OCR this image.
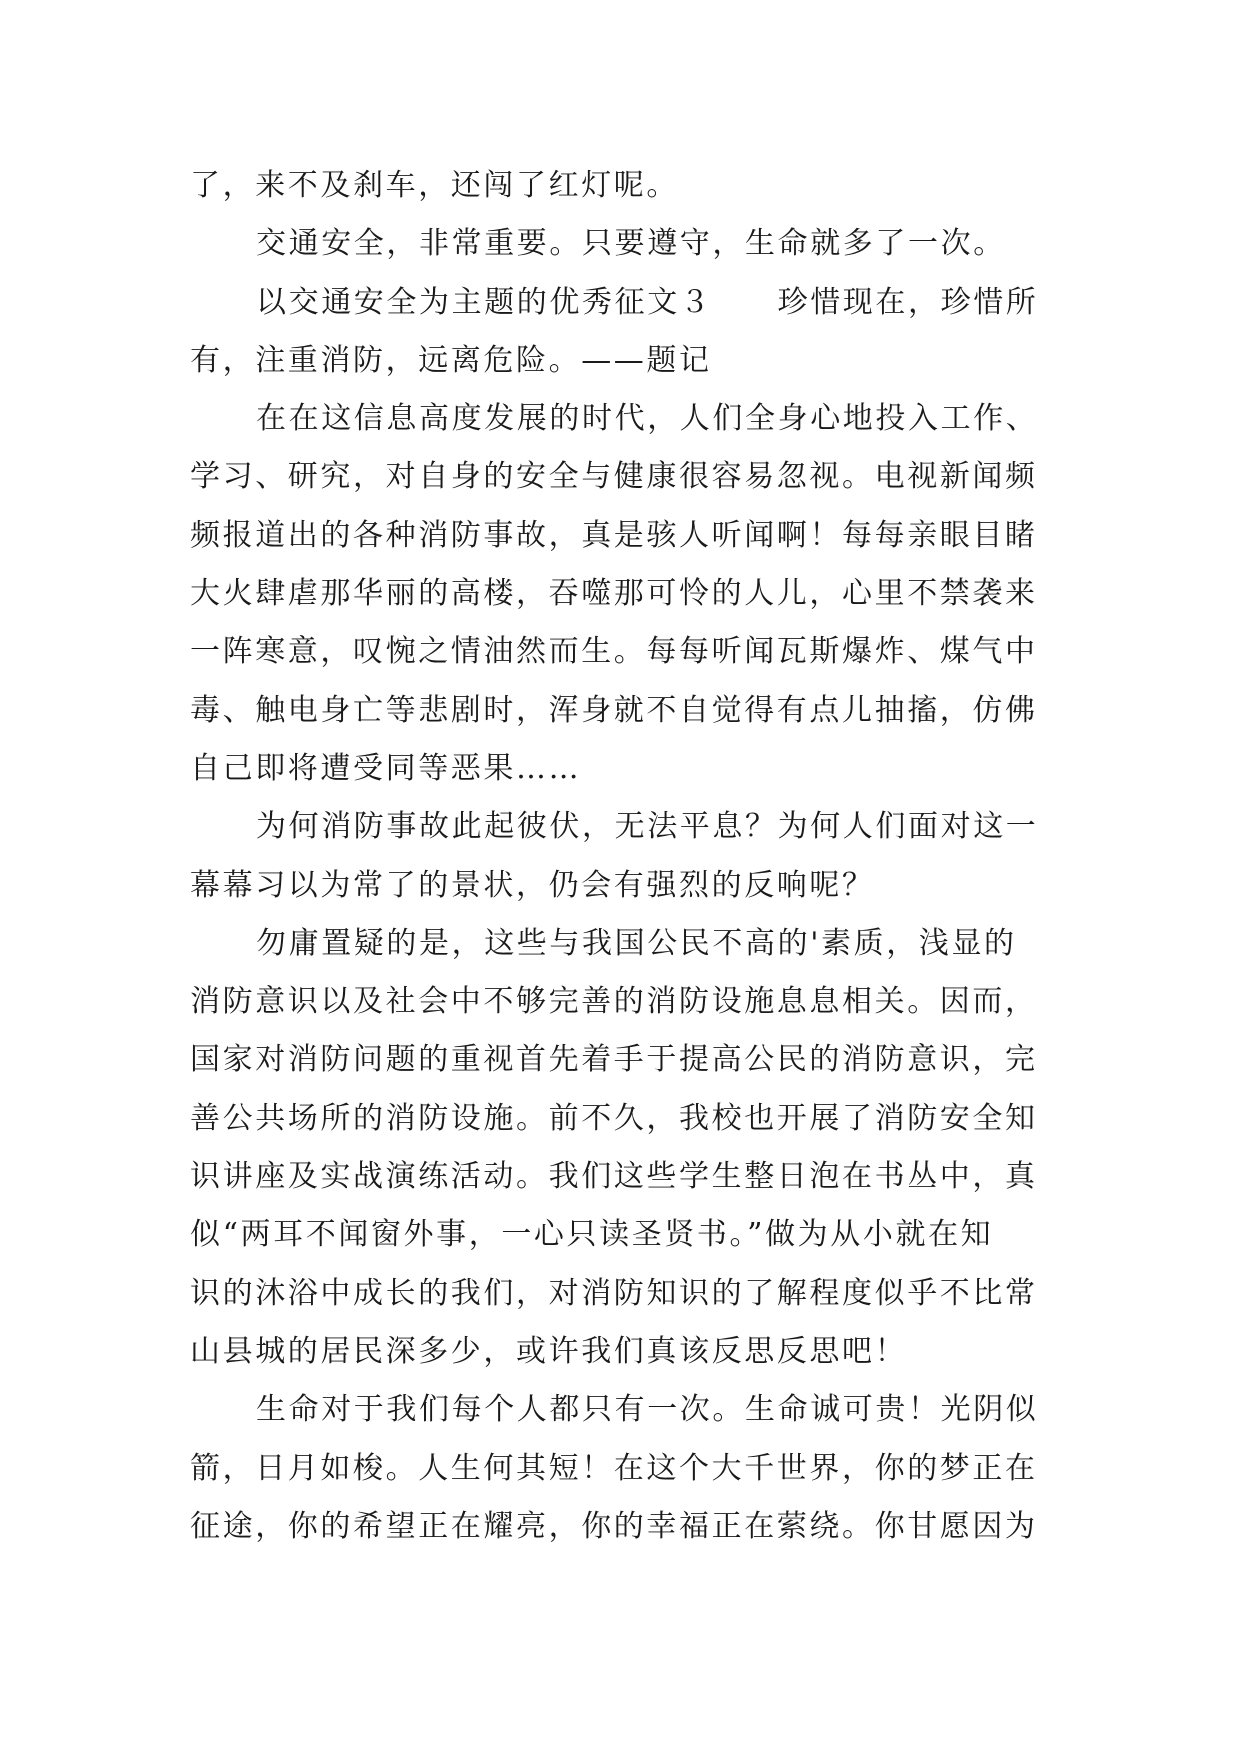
了，来不及刹车，还闯了红灯呢。
交通安全，非常重要。只要遵守，生命就多了一次。
以交通安全为主题的优秀征文３　　珍惜现在，珍惜所
有，注重消防，远离危险。——题记
在在这信息高度发展的时代，人们全身心地投入工作、
学习、研究，对自身的安全与健康很容易忽视。电视新闻频
频报道出的各种消防事故，真是骇人听闻啊！每每亲眼目睹
大火肆虐那华丽的高楼，吞噬那可怜的人儿，心里不禁袭来
一阵寒意，叹惋之情油然而生。每每听闻瓦斯爆炸、煤气中
毒、触电身亡等悲剧时，浑身就不自觉得有点儿抽搐，仿佛
自己即将遭受同等恶果……
为何消防事故此起彼伏，无法平息？为何人们面对这一
幕幕习以为常了的景状，仍会有强烈的反响呢？
勿庸置疑的是，这些与我国公民不高的'素质，浅显的
消防意识以及社会中不够完善的消防设施息息相关。因而，
国家对消防问题的重视首先着手于提高公民的消防意识，完
善公共场所的消防设施。前不久，我校也开展了消防安全知
识讲座及实战演练活动。我们这些学生整日泡在书丛中，真
似“两耳不闻窗外事，一心只读圣贤书。”做为从小就在知
识的沐浴中成长的我们，对消防知识的了解程度似乎不比常
山县城的居民深多少，或许我们真该反思反思吧！
生命对于我们每个人都只有一次。生命诚可贵！光阴似
箭，日月如梭。人生何其短！在这个大千世界，你的梦正在
征途，你的希望正在耀亮，你的幸福正在萦绕。你甘愿因为
